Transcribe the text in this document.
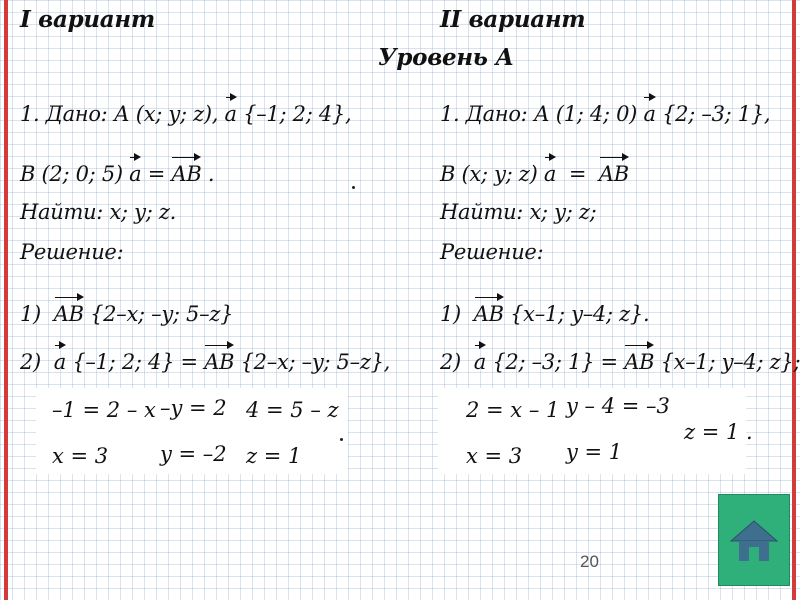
I вариант	II вариант
Уровень А
1. Дано: А (x; y; z), a {–1; 2; 4},
B (2; 0; 5) a = AB .
Найти: x; y; z.
Решение:
1) AB {2–x; –y; 5–z}
2) a {–1; 2; 4} = AB {2–x; –y; 5–z},
1. Дано: А (1; 4; 0) a {2; –3; 1},
B (x; y; z) a = AB
Найти: x; y; z;
Решение:
1) AB {x–1; y–4; z}.
2) a {2; –3; 1} = AB {x–1; y–4; z};
–1 = 2 – x –y = 2 4 = 5 – z
x = 3 y = –2 z = 1
2 = x – 1 y – 4 = –3
x = 3 y = 1
z = 1 .
20
